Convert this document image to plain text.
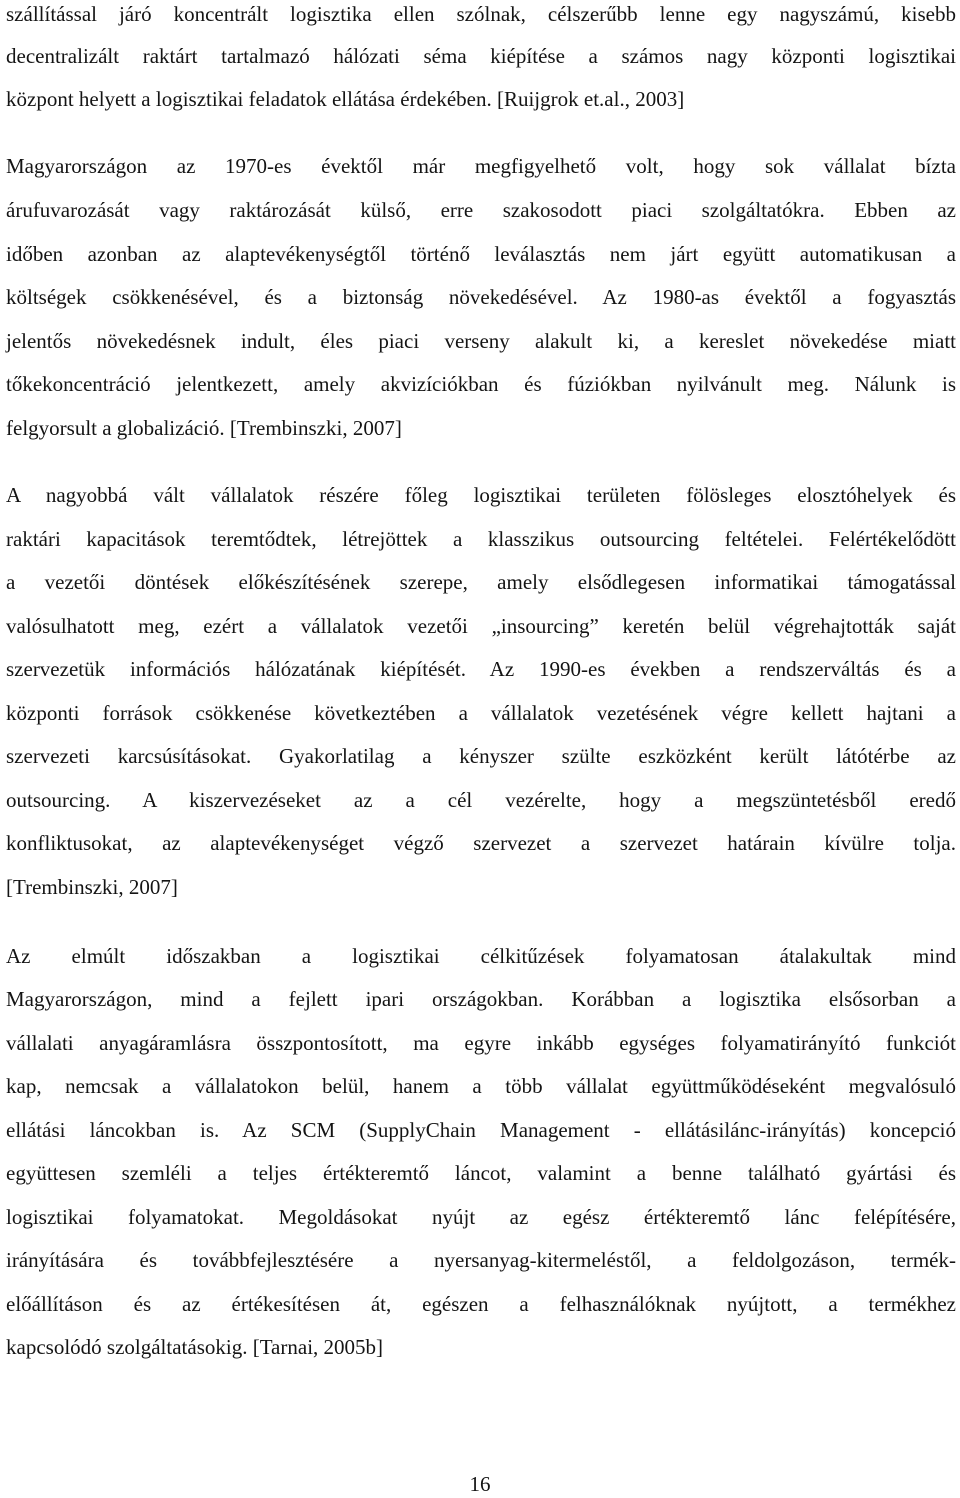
szállítással járó koncentrált logisztika ellen szólnak, célszerűbb lenne egy nagyszámú, kisebb
decentralizált raktárt tartalmazó hálózati séma kiépítése a számos nagy központi logisztikai
központ helyett a logisztikai feladatok ellátása érdekében. [Ruijgrok et.al., 2003]
Magyarországon az 1970-es évektől már megfigyelhető volt, hogy sok vállalat bízta
árufuvarozását vagy raktározását külső, erre szakosodott piaci szolgáltatókra. Ebben az
időben azonban az alaptevékenységtől történő leválasztás nem járt együtt automatikusan a
költségek csökkenésével, és a biztonság növekedésével. Az 1980-as évektől a fogyasztás
jelentős növekedésnek indult, éles piaci verseny alakult ki, a kereslet növekedése miatt
tőkekoncentráció jelentkezett, amely akvizíciókban és fúziókban nyilvánult meg. Nálunk is
felgyorsult a globalizáció. [Trembinszki, 2007]
A nagyobbá vált vállalatok részére főleg logisztikai területen fölösleges elosztóhelyek és
raktári kapacitások teremtődtek, létrejöttek a klasszikus outsourcing feltételei. Felértékelődött
a vezetői döntések előkészítésének szerepe, amely elsődlegesen informatikai támogatással
valósulhatott meg, ezért a vállalatok vezetői „insourcing” keretén belül végrehajtották saját
szervezetük információs hálózatának kiépítését. Az 1990-es években a rendszerváltás és a
központi források csökkenése következtében a vállalatok vezetésének végre kellett hajtani a
szervezeti karcsúsításokat. Gyakorlatilag a kényszer szülte eszközként került látótérbe az
outsourcing. A kiszervezéseket az a cél vezérelte, hogy a megszüntetésből eredő
konfliktusokat, az alaptevékenységet végző szervezet a szervezet határain kívülre tolja.
[Trembinszki, 2007]
Az elmúlt időszakban a logisztikai célkitűzések folyamatosan átalakultak mind
Magyarországon, mind a fejlett ipari országokban. Korábban a logisztika elsősorban a
vállalati anyagáramlásra összpontosított, ma egyre inkább egységes folyamatirányító funkciót
kap, nemcsak a vállalatokon belül, hanem a több vállalat együttműködéseként megvalósuló
ellátási láncokban is. Az SCM (SupplyChain Management - ellátásilánc-irányítás) koncepció
együttesen szemléli a teljes értékteremtő láncot, valamint a benne található gyártási és
logisztikai folyamatokat. Megoldásokat nyújt az egész értékteremtő lánc felépítésére,
irányítására és továbbfejlesztésére a nyersanyag-kitermeléstől, a feldolgozáson, termék-
előállításon és az értékesítésen át, egészen a felhasználóknak nyújtott, a termékhez
kapcsolódó szolgáltatásokig. [Tarnai, 2005b]
16
